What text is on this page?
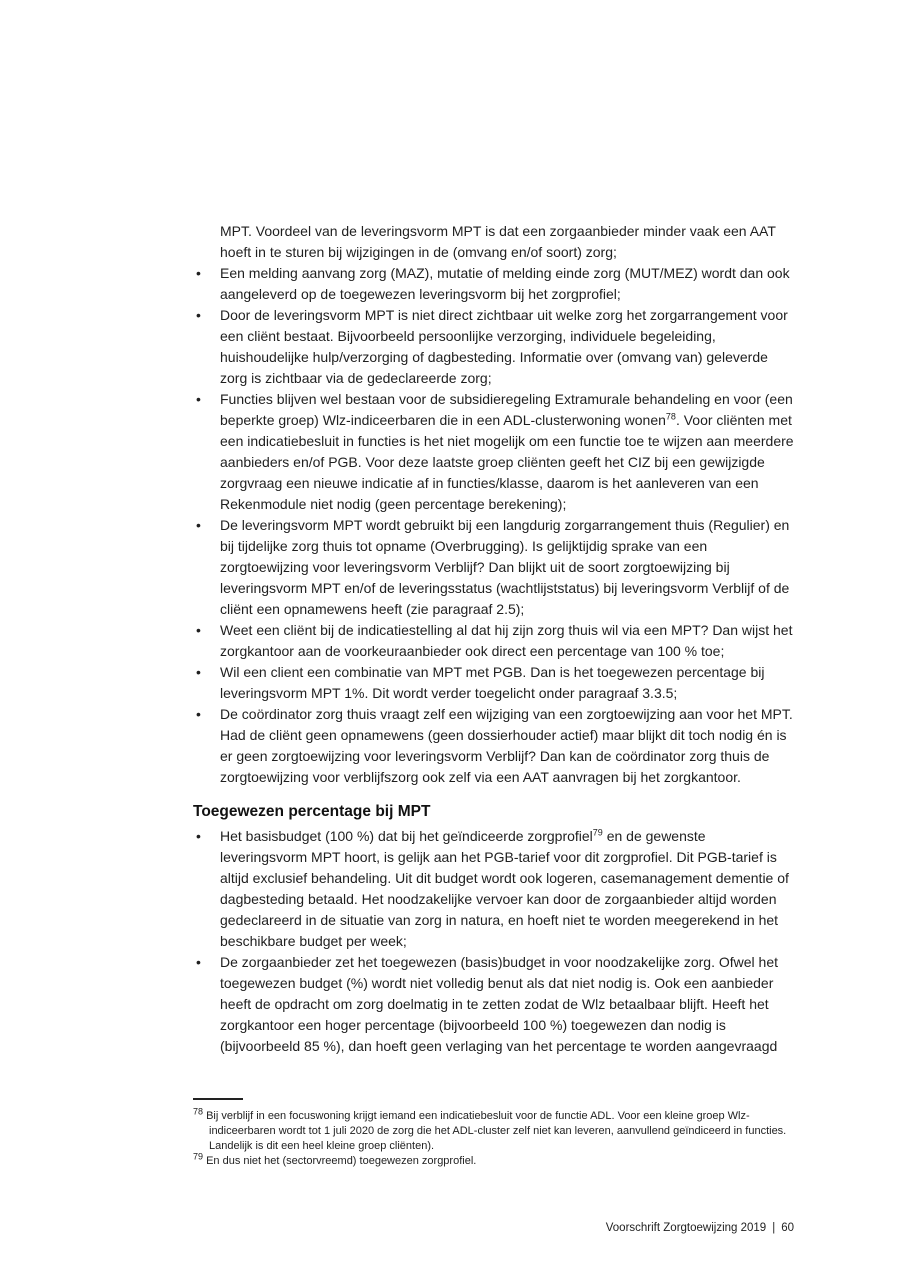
MPT. Voordeel van de leveringsvorm MPT is dat een zorgaanbieder minder vaak een AAT hoeft in te sturen bij wijzigingen in de (omvang en/of soort) zorg;

• Een melding aanvang zorg (MAZ), mutatie of melding einde zorg (MUT/MEZ) wordt dan ook aangeleverd op de toegewezen leveringsvorm bij het zorgprofiel;
• Door de leveringsvorm MPT is niet direct zichtbaar uit welke zorg het zorgarrangement voor een cliënt bestaat. Bijvoorbeeld persoonlijke verzorging, individuele begeleiding, huishoudelijke hulp/verzorging of dagbesteding. Informatie over (omvang van) geleverde zorg is zichtbaar via de gedeclareerde zorg;
• Functies blijven wel bestaan voor de subsidieregeling Extramurale behandeling en voor (een beperkte groep) Wlz-indiceerbaren die in een ADL-clusterwoning wonen$^{78}$. Voor cliënten met een indicatiebesluit in functies is het niet mogelijk om een functie toe te wijzen aan meerdere aanbieders en/of PGB. Voor deze laatste groep cliënten geeft het CIZ bij een gewijzigde zorgvraag een nieuwe indicatie af in functies/klasse, daarom is het aanleveren van een Rekenmodule niet nodig (geen percentage berekening);
• De leveringsvorm MPT wordt gebruikt bij een langdurig zorgarrangement thuis (Regulier) en bij tijdelijke zorg thuis tot opname (Overbrugging). Is gelijktijdig sprake van een zorgtoewijzing voor leveringsvorm Verblijf? Dan blijkt uit de soort zorgtoewijzing bij leveringsvorm MPT en/of de leveringsstatus (wachtlijststatus) bij leveringsvorm Verblijf of de cliënt een opnamewens heeft (zie paragraaf 2.5);
• Weet een cliënt bij de indicatiestelling al dat hij zijn zorg thuis wil via een MPT? Dan wijst het zorgkantoor aan de voorkeuraanbieder ook direct een percentage van 100 % toe;
• Wil een client een combinatie van MPT met PGB. Dan is het toegewezen percentage bij leveringsvorm MPT 1%. Dit wordt verder toegelicht onder paragraaf 3.3.5;
• De coördinator zorg thuis vraagt zelf een wijziging van een zorgtoewijzing aan voor het MPT. Had de cliënt geen opnamewens (geen dossierhouder actief) maar blijkt dit toch nodig én is er geen zorgtoewijzing voor leveringsvorm Verblijf? Dan kan de coördinator zorg thuis de zorgtoewijzing voor verblijfszorg ook zelf via een AAT aanvragen bij het zorgkantoor.
Toegewezen percentage bij MPT
• Het basisbudget (100 %) dat bij het geïndiceerde zorgprofiel$^{79}$ en de gewenste leveringsvorm MPT hoort, is gelijk aan het PGB-tarief voor dit zorgprofiel. Dit PGB-tarief is altijd exclusief behandeling. Uit dit budget wordt ook logeren, casemanagement dementie of dagbesteding betaald. Het noodzakelijke vervoer kan door de zorgaanbieder altijd worden gedeclareerd in de situatie van zorg in natura, en hoeft niet te worden meegerekend in het beschikbare budget per week;
• De zorgaanbieder zet het toegewezen (basis)budget in voor noodzakelijke zorg. Ofwel het toegewezen budget (%) wordt niet volledig benut als dat niet nodig is. Ook een aanbieder heeft de opdracht om zorg doelmatig in te zetten zodat de Wlz betaalbaar blijft. Heeft het zorgkantoor een hoger percentage (bijvoorbeeld 100 %) toegewezen dan nodig is (bijvoorbeeld 85 %), dan hoeft geen verlaging van het percentage te worden aangevraagd

$^{78}$ Bij verblijf in een focuswoning krijgt iemand een indicatiebesluit voor de functie ADL. Voor een kleine groep Wlz-indiceerbaren wordt tot 1 juli 2020 de zorg die het ADL-cluster zelf niet kan leveren, aanvullend geïndiceerd in functies. Landelijk is dit een heel kleine groep cliënten).

$^{79}$ En dus niet het (sectorvreemd) toegewezen zorgprofiel.

Voorschrift Zorgtoewijzing 2019 | 60
